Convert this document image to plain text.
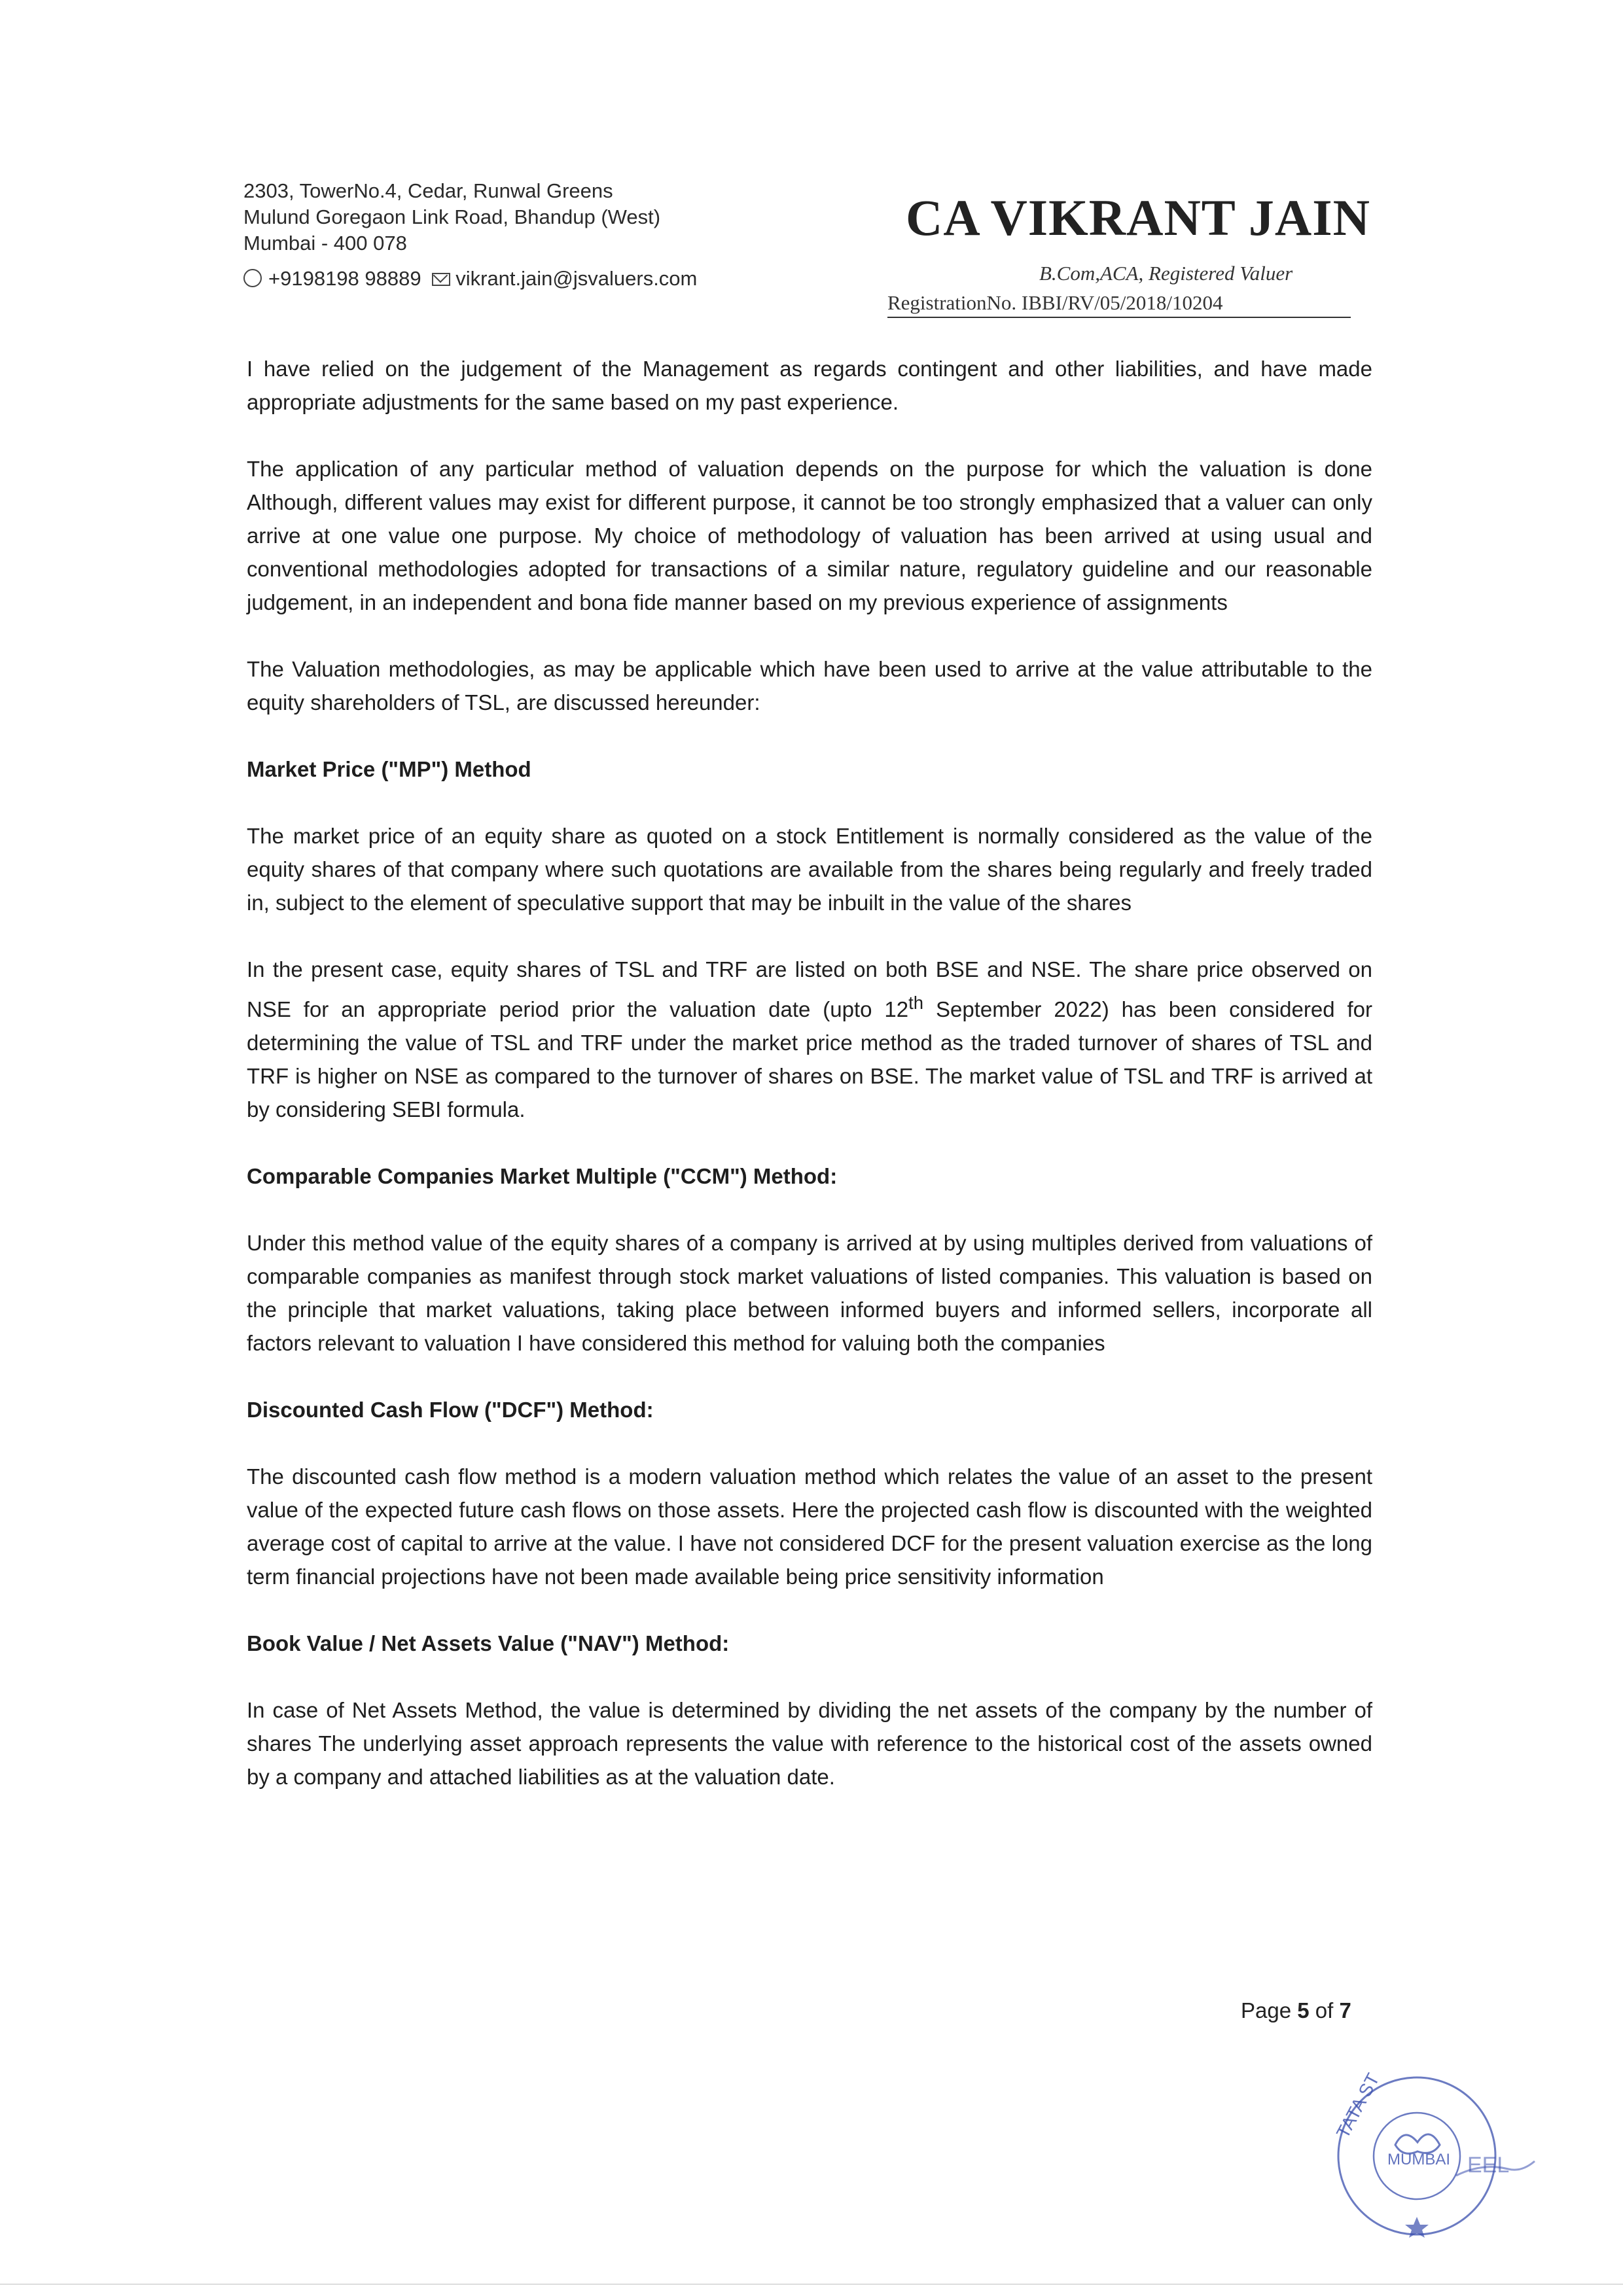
2303, TowerNo.4, Cedar, Runwal Greens
Mulund Goregaon Link Road, Bhandup (West)
Mumbai - 400 078
+9198198 98889 vikrant.jain@jsvaluers.com
CA VIKRANT JAIN
B.Com,ACA, Registered Valuer
RegistrationNo. IBBI/RV/05/2018/10204

I have relied on the judgement of the Management as regards contingent and other liabilities, and have made appropriate adjustments for the same based on my past experience.

The application of any particular method of valuation depends on the purpose for which the valuation is done Although, different values may exist for different purpose, it cannot be too strongly emphasized that a valuer can only arrive at one value one purpose. My choice of methodology of valuation has been arrived at using usual and conventional methodologies adopted for transactions of a similar nature, regulatory guideline and our reasonable judgement, in an independent and bona fide manner based on my previous experience of assignments

The Valuation methodologies, as may be applicable which have been used to arrive at the value attributable to the equity shareholders of TSL, are discussed hereunder:

Market Price ("MP") Method

The market price of an equity share as quoted on a stock Entitlement is normally considered as the value of the equity shares of that company where such quotations are available from the shares being regularly and freely traded in, subject to the element of speculative support that may be inbuilt in the value of the shares

In the present case, equity shares of TSL and TRF are listed on both BSE and NSE. The share price observed on NSE for an appropriate period prior the valuation date (upto 12th September 2022) has been considered for determining the value of TSL and TRF under the market price method as the traded turnover of shares of TSL and TRF is higher on NSE as compared to the turnover of shares on BSE. The market value of TSL and TRF is arrived at by considering SEBI formula.

Comparable Companies Market Multiple ("CCM") Method:

Under this method value of the equity shares of a company is arrived at by using multiples derived from valuations of comparable companies as manifest through stock market valuations of listed companies. This valuation is based on the principle that market valuations, taking place between informed buyers and informed sellers, incorporate all factors relevant to valuation I have considered this method for valuing both the companies

Discounted Cash Flow ("DCF") Method:

The discounted cash flow method is a modern valuation method which relates the value of an asset to the present value of the expected future cash flows on those assets. Here the projected cash flow is discounted with the weighted average cost of capital to arrive at the value. I have not considered DCF for the present valuation exercise as the long term financial projections have not been made available being price sensitivity information

Book Value / Net Assets Value ("NAV") Method:

In case of Net Assets Method, the value is determined by dividing the net assets of the company by the number of shares The underlying asset approach represents the value with reference to the historical cost of the assets owned by a company and attached liabilities as at the valuation date.

Page 5 of 7
TATA ST
MUMBAI EEL
